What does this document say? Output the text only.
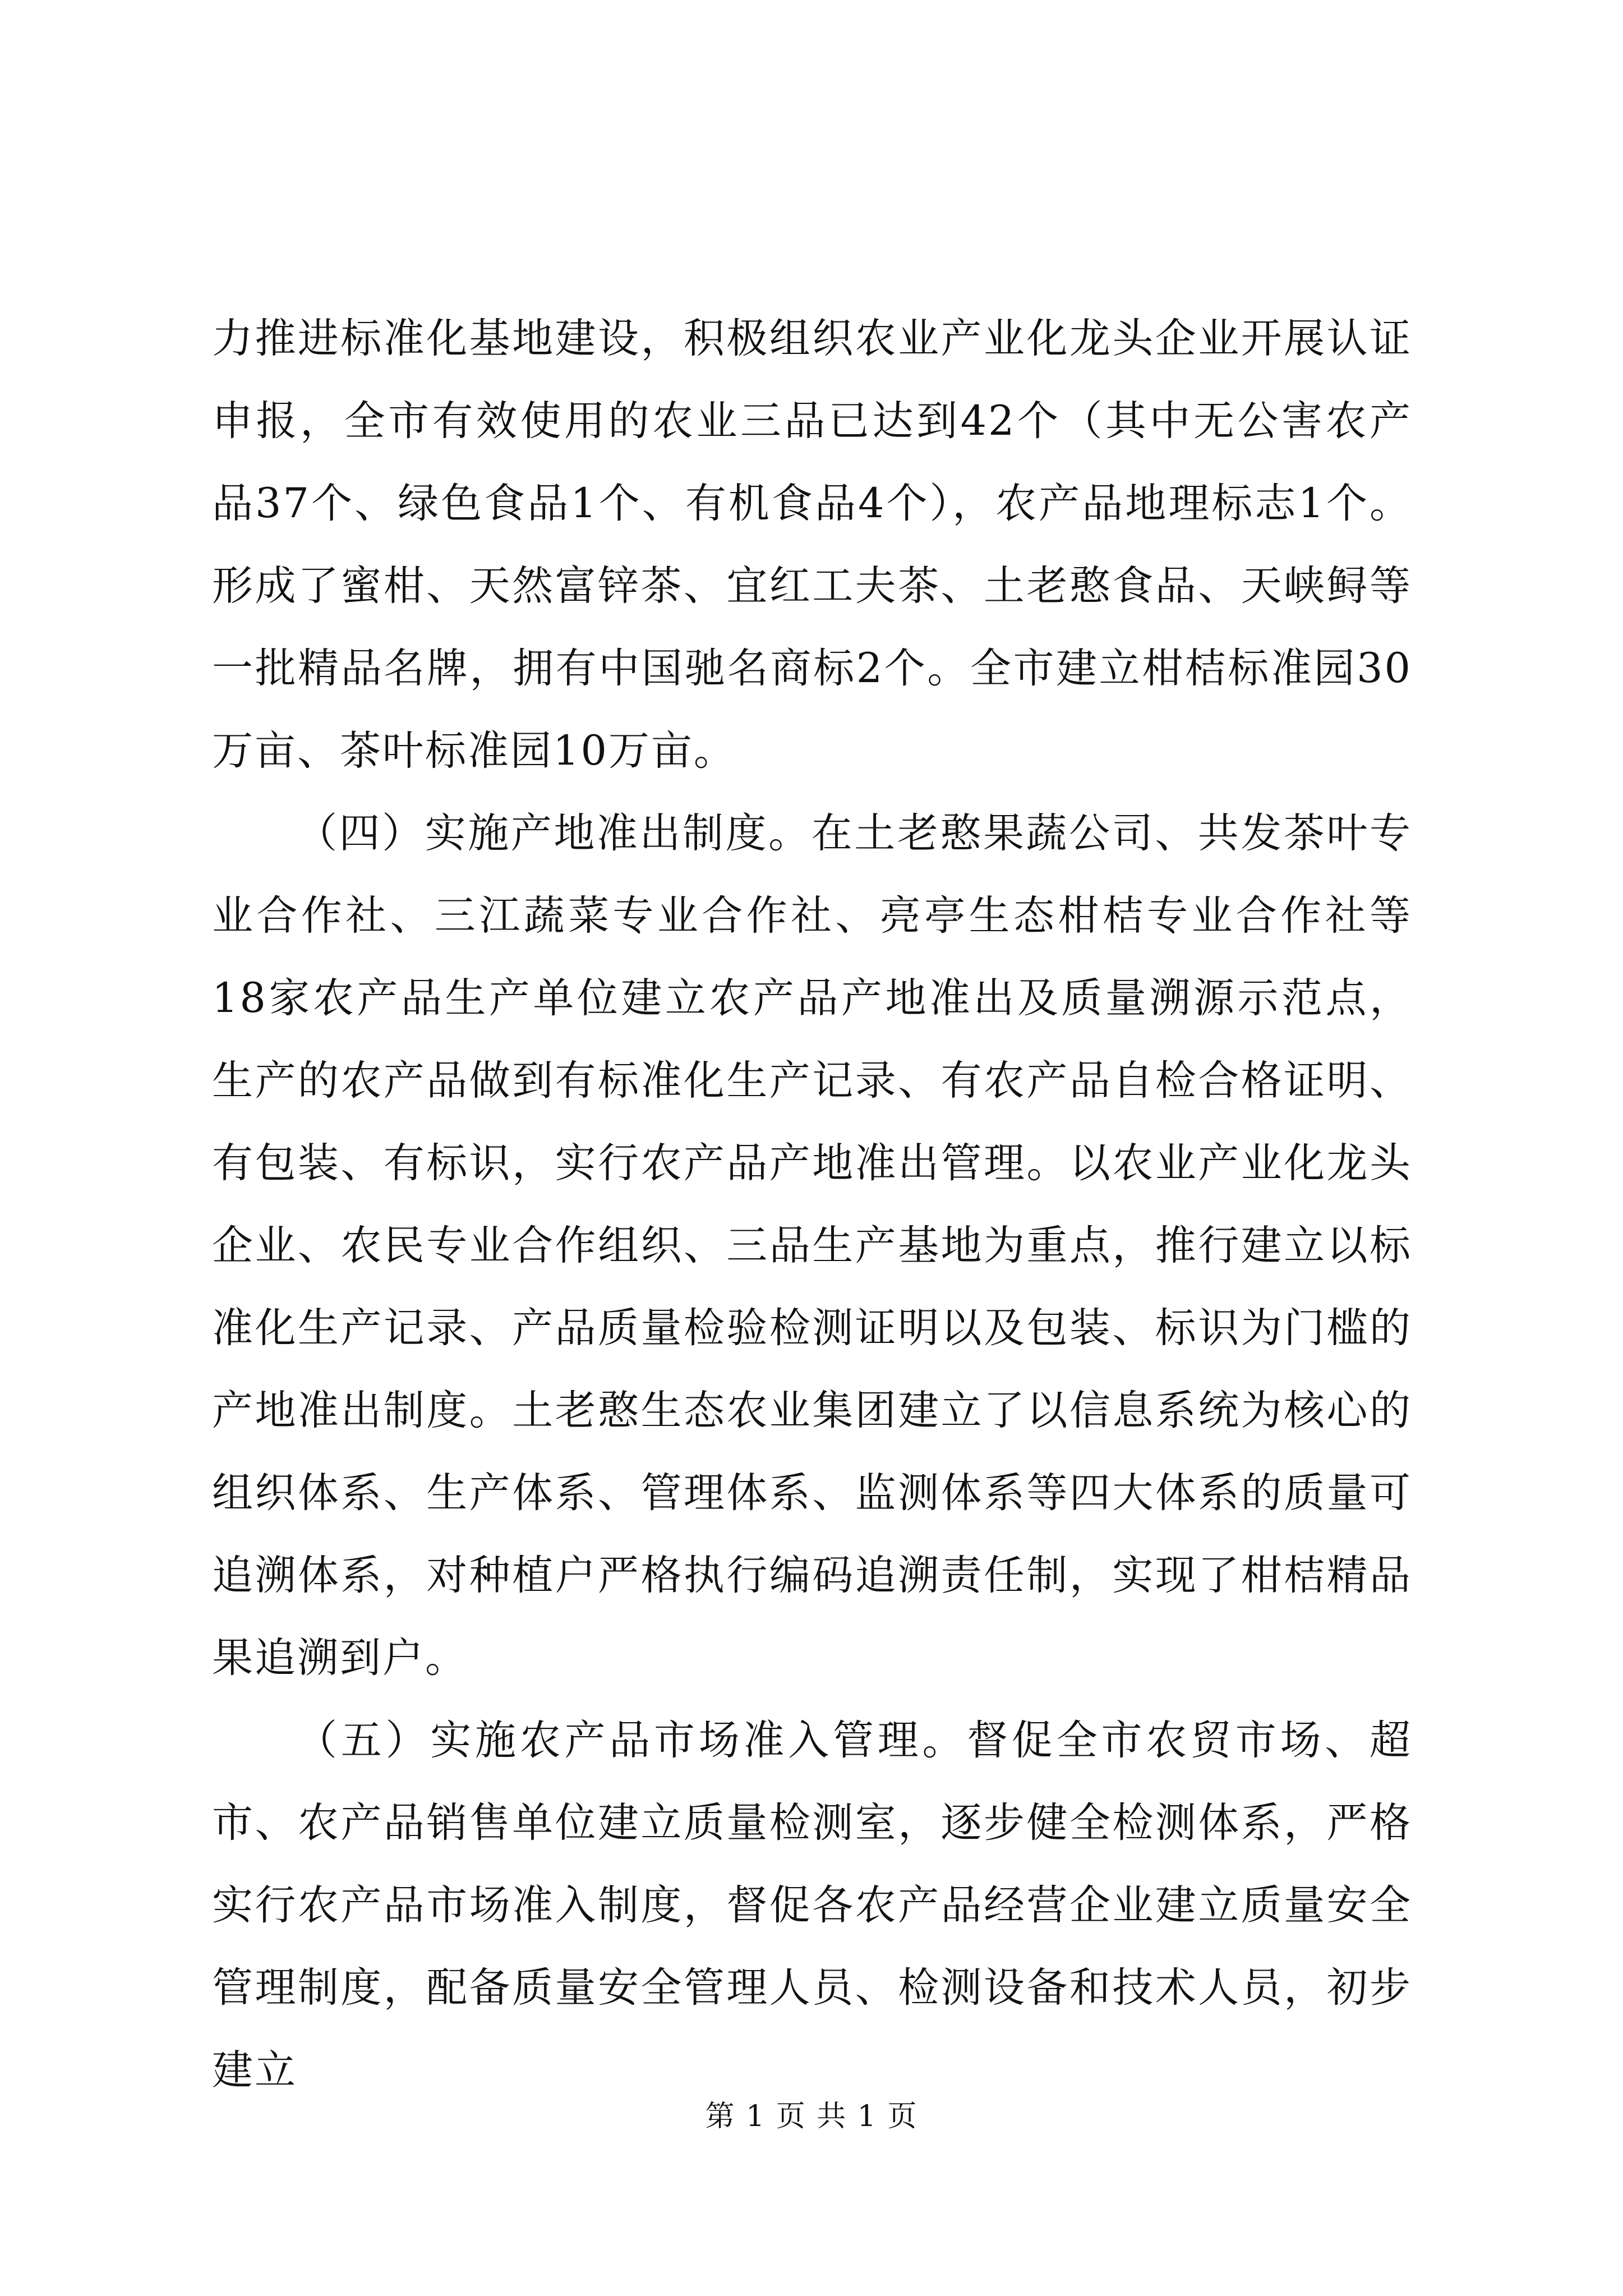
力推进标准化基地建设，积极组织农业产业化龙头企业开展认证申报，全市有效使用的农业三品已达到42个（其中无公害农产品37个、绿色食品1个、有机食品4个），农产品地理标志1个。形成了蜜柑、天然富锌茶、宜红工夫茶、土老憨食品、天峡鲟等一批精品名牌，拥有中国驰名商标2个。全市建立柑桔标准园30万亩、茶叶标准园10万亩。

（四）实施产地准出制度。在土老憨果蔬公司、共发茶叶专业合作社、三江蔬菜专业合作社、亮亭生态柑桔专业合作社等18家农产品生产单位建立农产品产地准出及质量溯源示范点，生产的农产品做到有标准化生产记录、有农产品自检合格证明、有包装、有标识，实行农产品产地准出管理。以农业产业化龙头企业、农民专业合作组织、三品生产基地为重点，推行建立以标准化生产记录、产品质量检验检测证明以及包装、标识为门槛的产地准出制度。土老憨生态农业集团建立了以信息系统为核心的组织体系、生产体系、管理体系、监测体系等四大体系的质量可追溯体系，对种植户严格执行编码追溯责任制，实现了柑桔精品果追溯到户。

（五）实施农产品市场准入管理。督促全市农贸市场、超市、农产品销售单位建立质量检测室，逐步健全检测体系，严格实行农产品市场准入制度，督促各农产品经营企业建立质量安全管理制度，配备质量安全管理人员、检测设备和技术人员，初步建立

第 1 页 共 1 页
